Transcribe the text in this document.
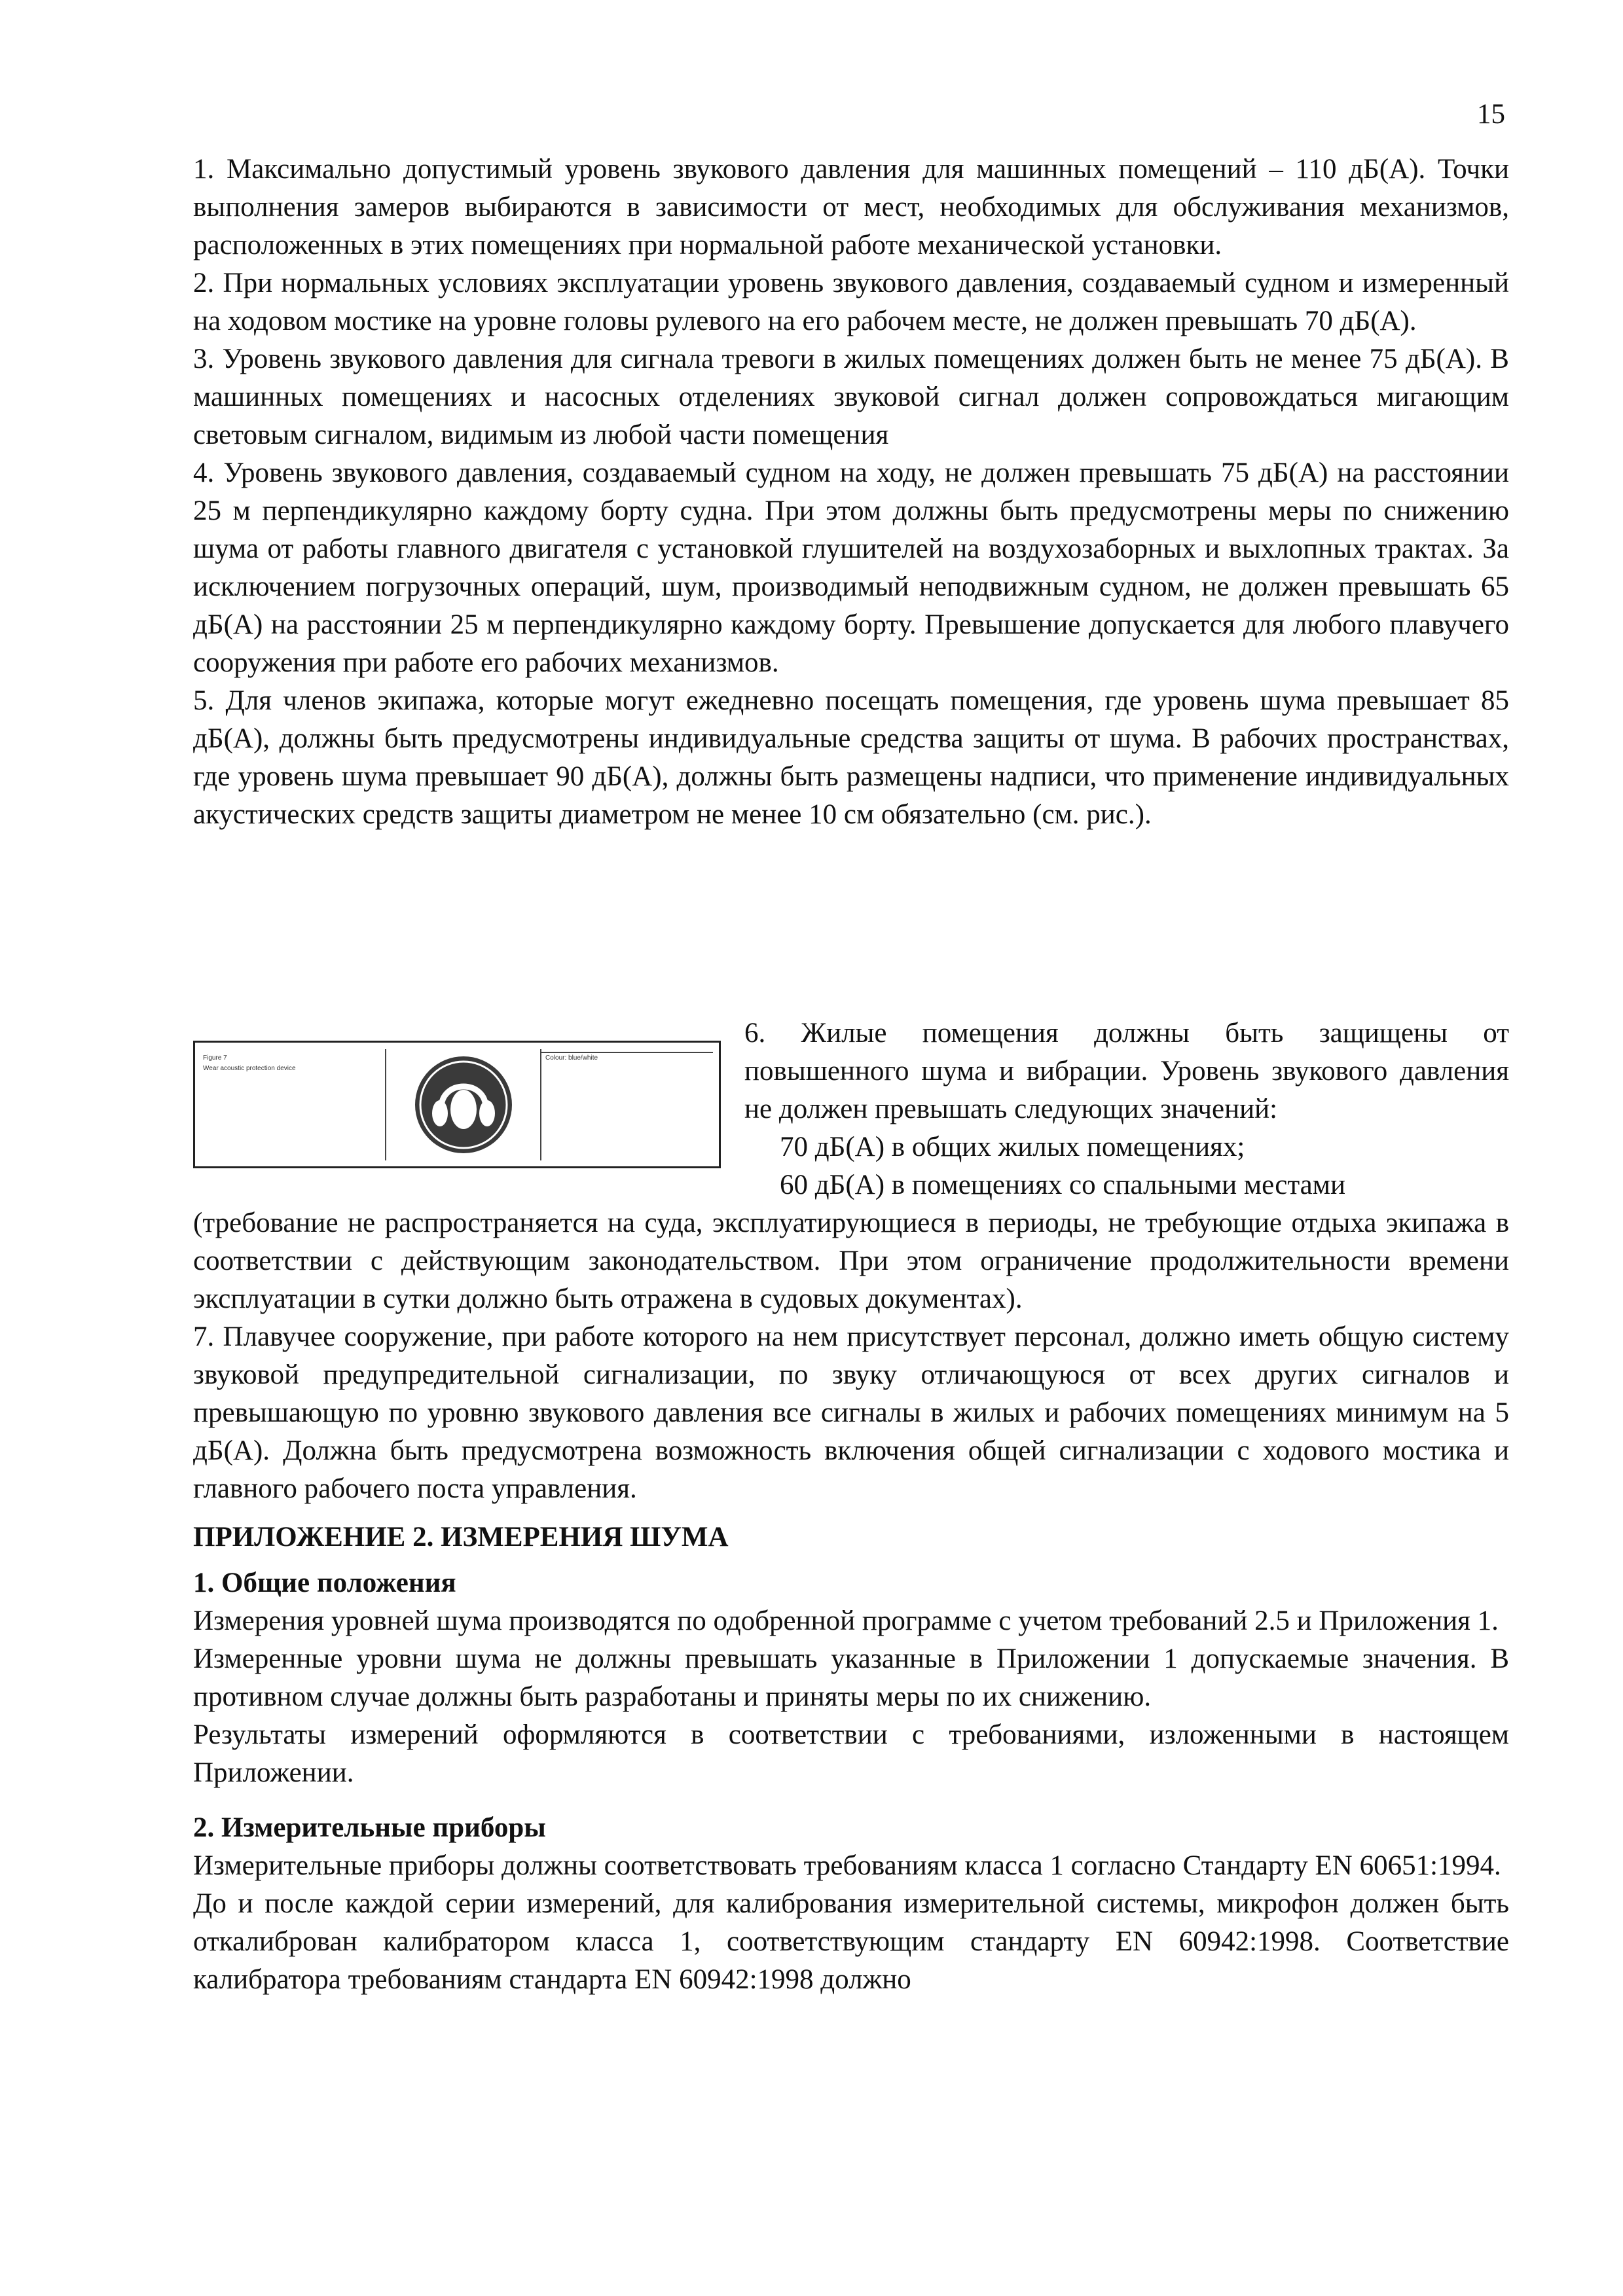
15

1. Максимально допустимый уровень звукового давления для машинных помещений – 110 дБ(А). Точки выполнения замеров выбираются в зависимости от мест, необходимых для обслуживания механизмов, расположенных в этих помещениях при нормальной работе механической установки.

2. При нормальных условиях эксплуатации уровень звукового давления, создаваемый судном и измеренный на ходовом мостике на уровне головы рулевого на его рабочем месте, не должен превышать 70 дБ(А).

3. Уровень звукового давления для сигнала тревоги в жилых помещениях должен быть не менее 75 дБ(А). В машинных помещениях и насосных отделениях звуковой сигнал должен сопровождаться мигающим световым сигналом, видимым из любой части помещения

4. Уровень звукового давления, создаваемый судном на ходу, не должен превышать 75 дБ(А) на расстоянии 25 м перпендикулярно каждому борту судна. При этом должны быть предусмотрены меры по снижению шума от работы главного двигателя с установкой глушителей на воздухозаборных и выхлопных трактах. За исключением погрузочных операций, шум, производимый неподвижным судном, не должен превышать 65 дБ(А) на расстоянии 25 м перпендикулярно каждому борту. Превышение допускается для любого плавучего сооружения при работе его рабочих механизмов.

5. Для членов экипажа, которые могут ежедневно посещать помещения, где уровень шума превышает 85 дБ(А), должны быть предусмотрены индивидуальные средства защиты от шума. В рабочих пространствах, где уровень шума превышает 90 дБ(А), должны быть размещены надписи, что применение индивидуальных акустических средств защиты диаметром не менее 10 см обязательно (см. рис.).

Figure 7
Wear acoustic protection device
Colour: blue/white

6. Жилые помещения должны быть защищены от повышенного шума и вибрации. Уровень звукового давления не должен превышать следующих значений:

70 дБ(А) в общих жилых помещениях;

60 дБ(А) в помещениях со спальными местами

(требование не распространяется на суда, эксплуатирующиеся в периоды, не требующие отдыха экипажа в соответствии с действующим законодательством. При этом ограничение продолжительности времени эксплуатации в сутки должно быть отражена в судовых документах).

7. Плавучее сооружение, при работе которого на нем присутствует персонал, должно иметь общую систему звуковой предупредительной сигнализации, по звуку отличающуюся от всех других сигналов и превышающую по уровню звукового давления все сигналы в жилых и рабочих помещениях минимум на 5 дБ(А). Должна быть предусмотрена возможность включения общей сигнализации с ходового мостика и главного рабочего поста управления.

ПРИЛОЖЕНИЕ 2. ИЗМЕРЕНИЯ ШУМА
1. Общие положения

Измерения уровней шума производятся по одобренной программе с учетом требований 2.5 и Приложения 1.

Измеренные уровни шума не должны превышать указанные в Приложении 1 допускаемые значения. В противном случае должны быть разработаны и приняты меры по их снижению.

Результаты измерений оформляются в соответствии с требованиями, изложенными в настоящем Приложении.

2. Измерительные приборы

Измерительные приборы должны соответствовать требованиям класса 1 согласно Стандарту EN 60651:1994.

До и после каждой серии измерений, для калибрования измерительной системы, микрофон должен быть откалиброван калибратором класса 1, соответствующим стандарту EN 60942:1998. Соответствие калибратора требованиям стандарта EN 60942:1998 должно
